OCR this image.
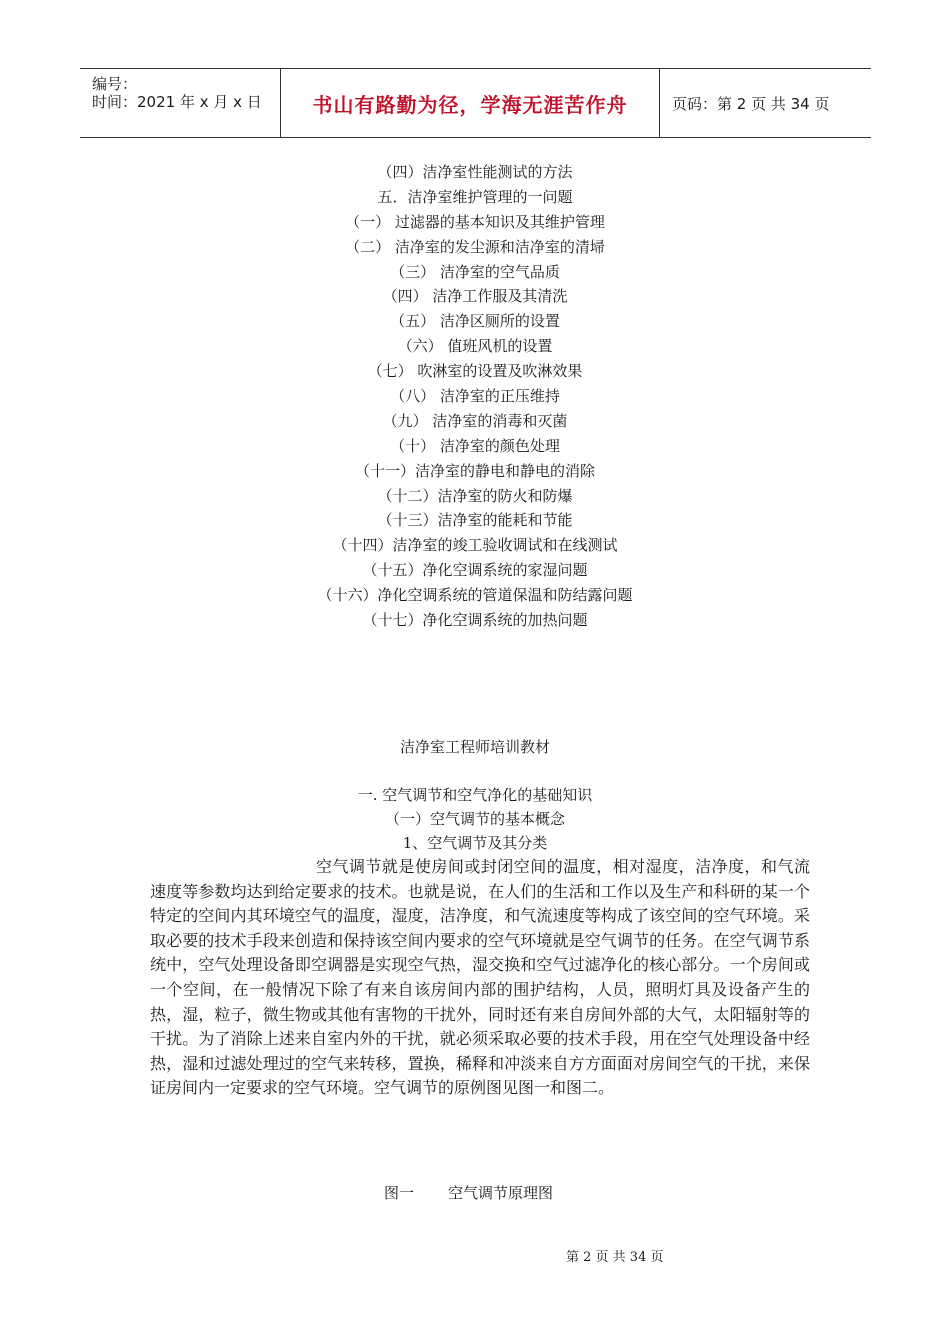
编号：
时间：2021 年 x 月 x 日	书山有路勤为径，学海无涯苦作舟	页码：第 2 页 共 34 页
（四）洁净室性能测试的方法
五．洁净室维护管理的一问题
（一） 过滤器的基本知识及其维护管理
（二） 洁净室的发尘源和洁净室的清埽
（三） 洁净室的空气品质
（四） 洁净工作服及其清洗
（五） 洁净区厕所的设置
（六） 值班风机的设置
（七） 吹淋室的设置及吹淋效果
（八） 洁净室的正压维持
（九） 洁净室的消毒和灭菌
（十） 洁净室的颜色处理
（十一）洁净室的静电和静电的消除
（十二）洁净室的防火和防爆
（十三）洁净室的能耗和节能
（十四）洁净室的竣工验收调试和在线测试
（十五）净化空调系统的家湿问题
（十六）净化空调系统的管道保温和防结露问题
（十七）净化空调系统的加热问题
洁净室工程师培训教材
一. 空气调节和空气净化的基础知识
（一）空气调节的基本概念
1、空气调节及其分类
空气调节就是使房间或封闭空间的温度，相对湿度，洁净度，和气流速度等参数均达到给定要求的技术。也就是说，在人们的生活和工作以及生产和科研的某一个特定的空间内其环境空气的温度，湿度，洁净度，和气流速度等构成了该空间的空气环境。采取必要的技术手段来创造和保持该空间内要求的空气环境就是空气调节的任务。在空气调节系统中，空气处理设备即空调器是实现空气热，湿交换和空气过滤净化的核心部分。一个房间或一个空间，在一般情况下除了有来自该房间内部的围护结构，人员，照明灯具及设备产生的热，湿，粒子，微生物或其他有害物的干扰外，同时还有来自房间外部的大气，太阳辐射等的干扰。为了消除上述来自室内外的干扰，就必须采取必要的技术手段，用在空气处理设备中经热，湿和过滤处理过的空气来转移，置换，稀释和冲淡来自方方面面对房间空气的干扰，来保证房间内一定要求的空气环境。空气调节的原例图见图一和图二。
图一 空气调节原理图
第 2 页 共 34 页
